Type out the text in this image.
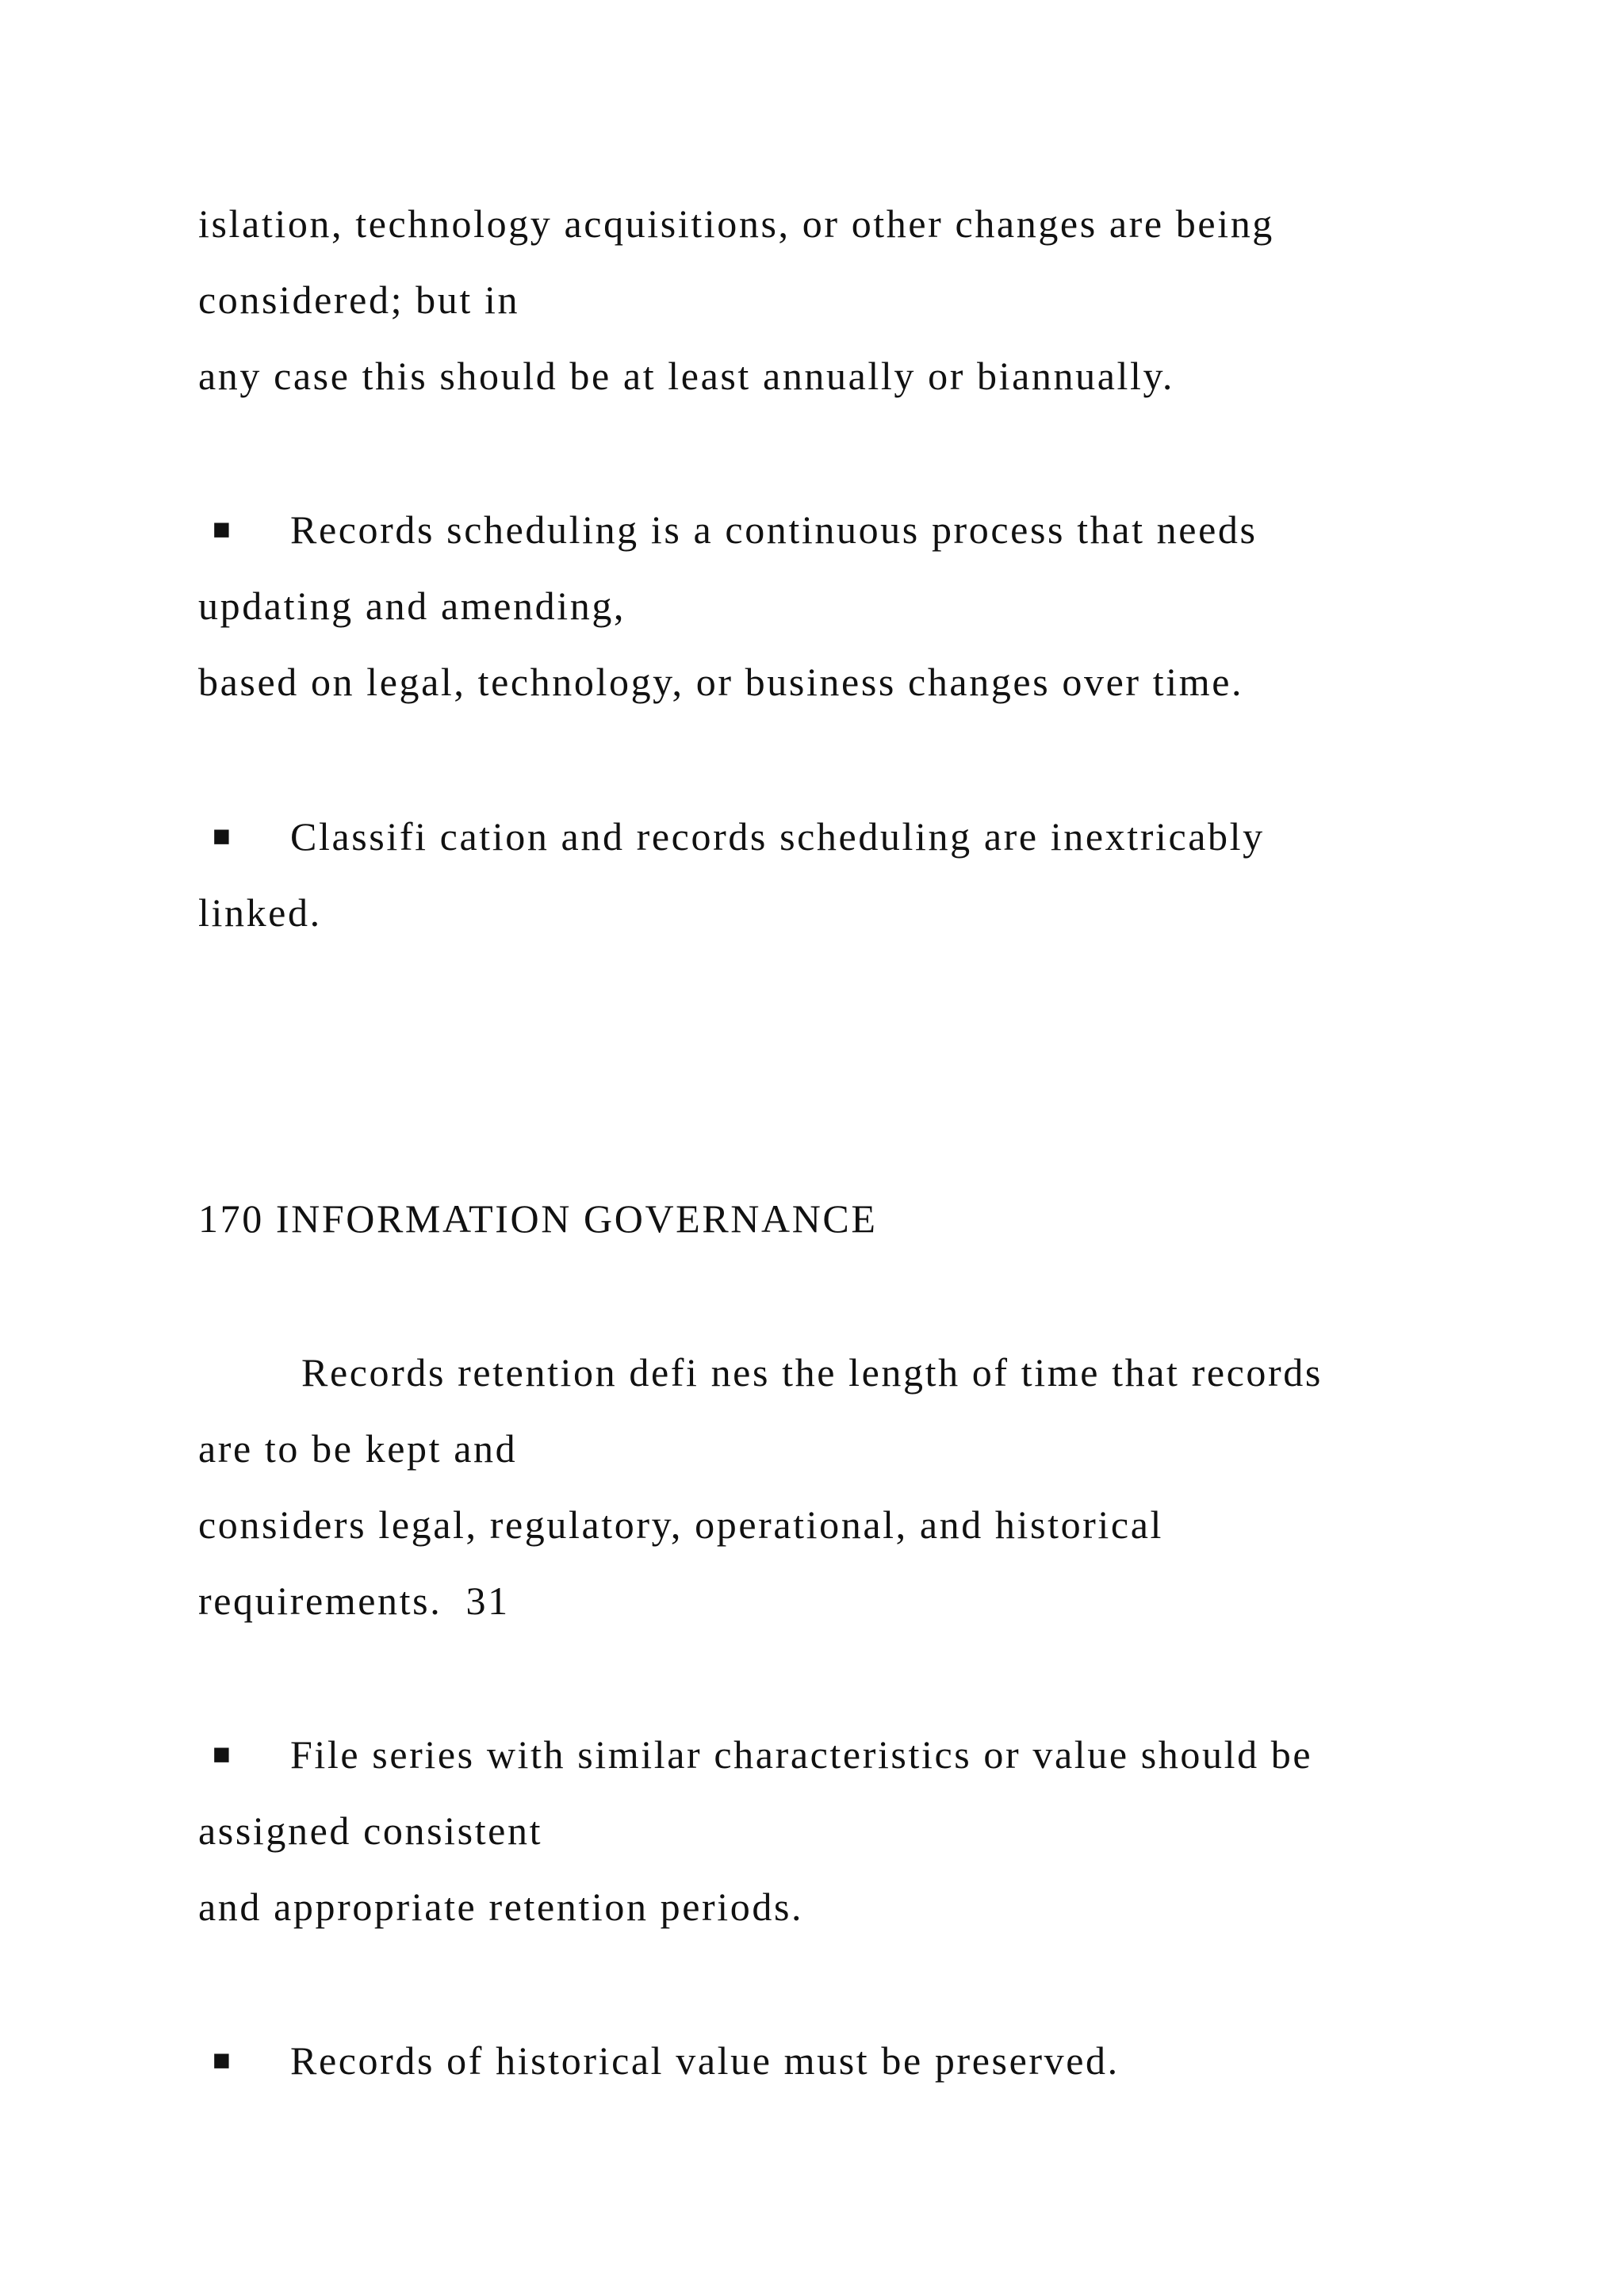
islation, technology acquisitions, or other changes are being
considered; but in
any case this should be at least annually or biannually.
■ Records scheduling is a continuous process that needs
updating and amending,
based on legal, technology, or business changes over time.
■ Classifi cation and records scheduling are inextricably
linked.
170 INFORMATION GOVERNANCE
Records retention defi nes the length of time that records
are to be kept and
considers legal, regulatory, operational, and historical
requirements.  31
■ File series with similar characteristics or value should be
assigned consistent
and appropriate retention periods.
■ Records of historical value must be preserved.
